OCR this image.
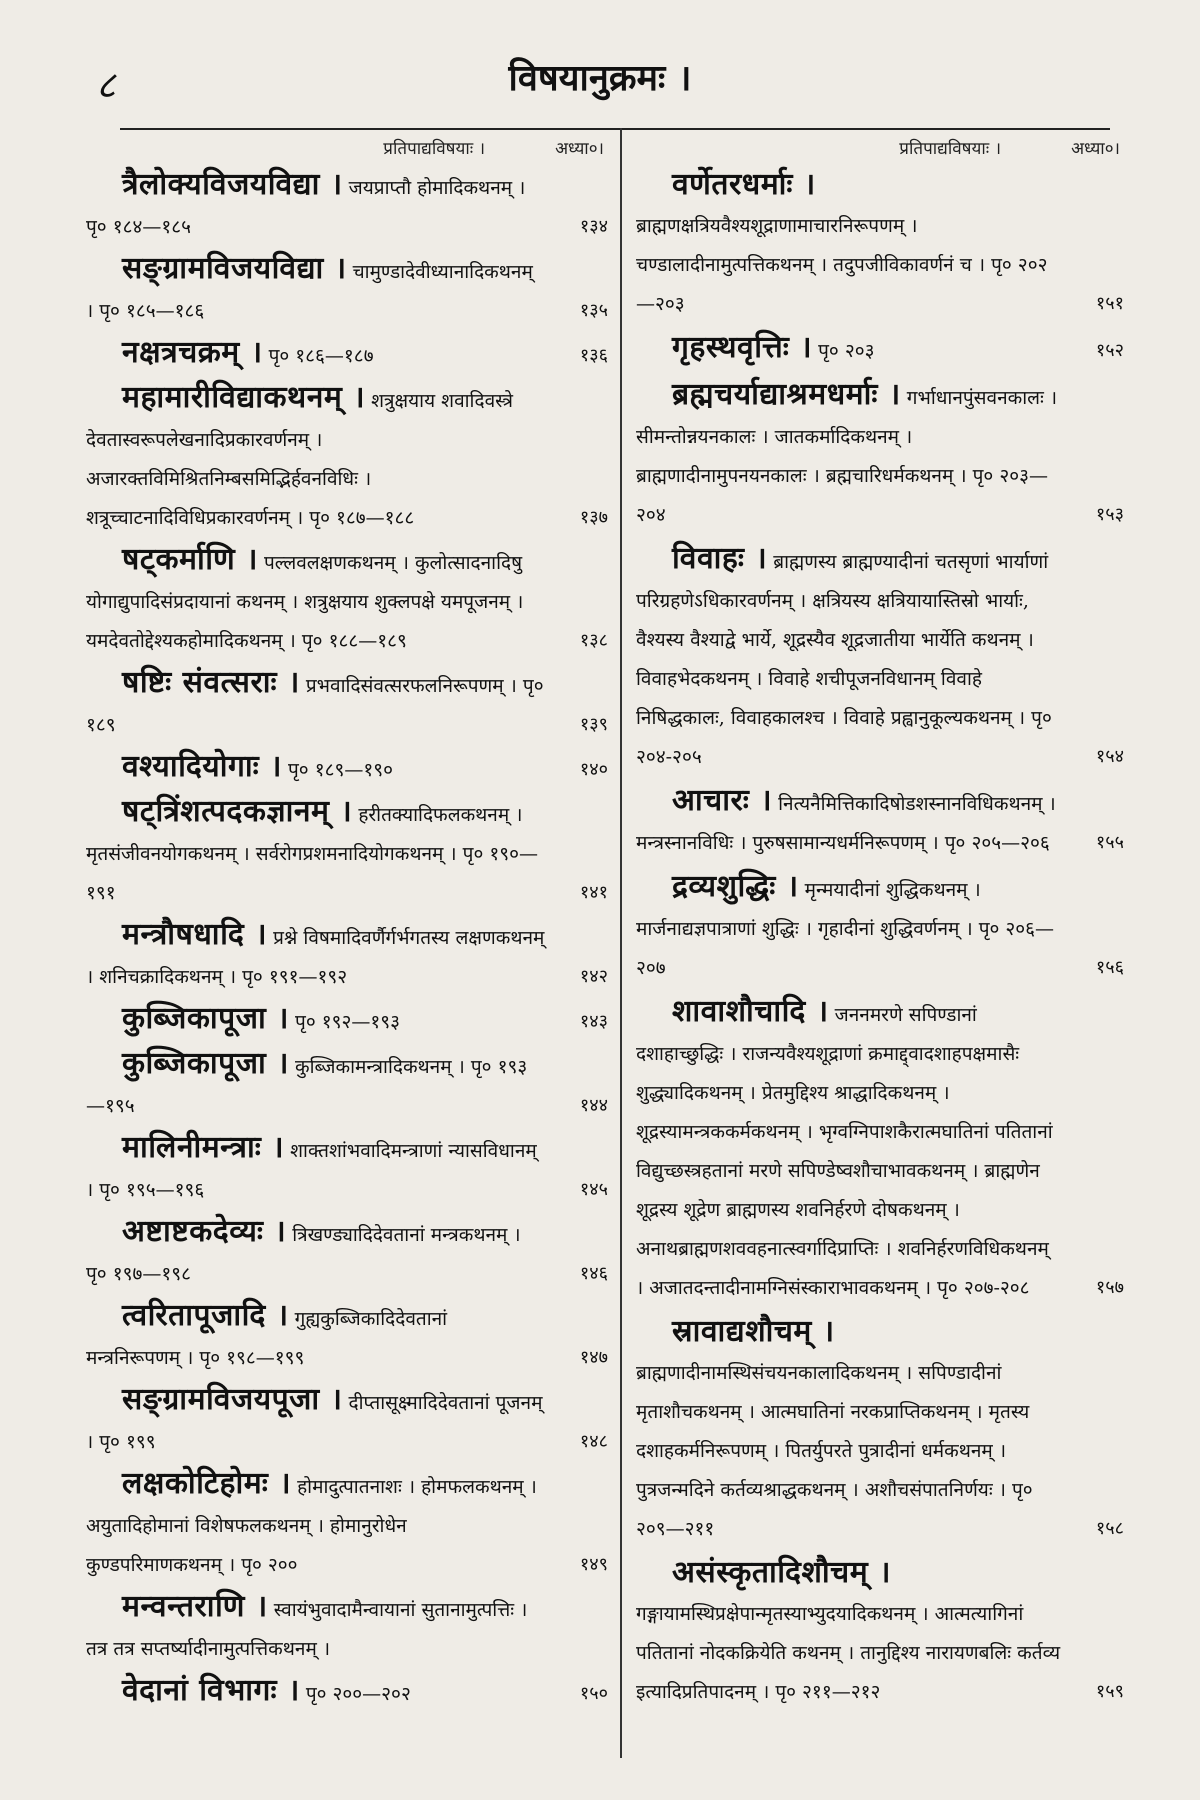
८	विषयानुक्रमः ।
प्रतिपाद्यविषयाः ।	अध्या०।

त्रैलोक्यविजयविद्या । जयप्राप्तौ होमादिकथनम् । पृ० १८४—१८५	१३४

सङ्ग्रामविजयविद्या । चामुण्डादेवीध्यानादिकथनम् । पृ० १८५—१८६	१३५

नक्षत्रचक्रम् । पृ० १८६—१८७	१३६

महामारीविद्याकथनम् । शत्रुक्षयाय शवादिवस्त्रे देवतास्वरूपलेखनादिप्रकारवर्णनम् । अजारक्तविमिश्रितनिम्बसमिद्भिर्हवनविधिः । शत्रूच्चाटनादिविधिप्रकारवर्णनम् । पृ० १८७—१८८	१३७

षट्कर्माणि । पल्लवलक्षणकथनम् । कुलोत्सादनादिषु योगाद्युपादिसंप्रदायानां कथनम् । शत्रुक्षयाय शुक्लपक्षे यमपूजनम् । यमदेवतोद्देश्यकहोमादिकथनम् । पृ० १८८—१८९	१३८

षष्टिः संवत्सराः । प्रभवादिसंवत्सरफलनिरूपणम् । पृ० १८९	१३९

वश्यादियोगाः । पृ० १८९—१९०	१४०

षट्त्रिंशत्पदकज्ञानम् । हरीतक्यादिफलकथनम् । मृतसंजीवनयोगकथनम् । सर्वरोगप्रशमनादियोगकथनम् । पृ० १९०—१९१	१४१

मन्त्रौषधादि । प्रश्ने विषमादिवर्णैर्गर्भगतस्य लक्षणकथनम् । शनिचक्रादिकथनम् । पृ० १९१—१९२	१४२

कुब्जिकापूजा । पृ० १९२—१९३	१४३

कुब्जिकापूजा । कुब्जिकामन्त्रादिकथनम् । पृ० १९३—१९५	१४४

मालिनीमन्त्राः । शाक्तशांभवादिमन्त्राणां न्यासविधानम् । पृ० १९५—१९६	१४५

अष्टाष्टकदेव्यः । त्रिखण्ड्यादिदेवतानां मन्त्रकथनम् । पृ० १९७—१९८	१४६

त्वरितापूजादि । गुह्यकुब्जिकादिदेवतानां मन्त्रनिरूपणम् । पृ० १९८—१९९	१४७

सङ्ग्रामविजयपूजा । दीप्तासूक्ष्मादिदेवतानां पूजनम् । पृ० १९९	१४८

लक्षकोटिहोमः । होमादुत्पातनाशः । होमफलकथनम् । अयुतादिहोमानां विशेषफलकथनम् । होमानुरोधेन कुण्डपरिमाणकथनम् । पृ० २००	१४९

मन्वन्तराणि । स्वायंभुवादामैन्वायानां सुतानामुत्पत्तिः । तत्र तत्र सप्तर्ष्यादीनामुत्पत्तिकथनम् ।

वेदानां विभागः । पृ० २००—२०२	१५०

प्रतिपाद्यविषयाः ।	अध्या०।

वर्णेतरधर्माः ।ब्राह्मणक्षत्रियवैश्यशूद्राणामाचारनिरूपणम् । चण्डालादीनामुत्पत्तिकथनम् । तदुपजीविकावर्णनं च । पृ० २०२—२०३	१५१

गृहस्थवृत्तिः । पृ० २०३	१५२

ब्रह्मचर्याद्याश्रमधर्माः । गर्भाधानपुंसवनकालः । सीमन्तोन्नयनकालः । जातकर्मादिकथनम् । ब्राह्मणादीनामुपनयनकालः । ब्रह्मचारिधर्मकथनम् । पृ० २०३—२०४	१५३

विवाहः । ब्राह्मणस्य ब्राह्मण्यादीनां चतसृणां भार्याणां परिग्रहणेऽधिकारवर्णनम् । क्षत्रियस्य क्षत्रियायास्तिस्रो भार्याः, वैश्यस्य वैश्याद्वे भार्ये, शूद्रस्यैव शूद्रजातीया भार्येति कथनम् । विवाहभेदकथनम् । विवाहे शचीपूजनविधानम् विवाहे निषिद्धकालः, विवाहकालश्च । विवाहे प्रह्वानुकूल्यकथनम् । पृ० २०४-२०५	१५४

आचारः । नित्यनैमित्तिकादिषोडशस्नानविधिकथनम् । मन्त्रस्नानविधिः । पुरुषसामान्यधर्मनिरूपणम् । पृ० २०५—२०६	१५५

द्रव्यशुद्धिः । मृन्मयादीनां शुद्धिकथनम् । मार्जनाद्यज्ञपात्राणां शुद्धिः । गृहादीनां शुद्धिवर्णनम् । पृ० २०६—२०७	१५६

शावाशौचादि । जननमरणे सपिण्डानां दशाहाच्छुद्धिः । राजन्यवैश्यशूद्राणां क्रमाद्द्वादशाहपक्षमासैः शुद्ध्यादिकथनम् । प्रेतमुद्दिश्य श्राद्धादिकथनम् । शूद्रस्यामन्त्रककर्मकथनम् । भृग्वग्निपाशकैरात्मघातिनां पतितानां विद्युच्छस्त्रहतानां मरणे सपिण्डेष्वशौचाभावकथनम् । ब्राह्मणेन शूद्रस्य शूद्रेण ब्राह्मणस्य शवनिर्हरणे दोषकथनम् । अनाथब्राह्मणशववहनात्स्वर्गादिप्राप्तिः । शवनिर्हरणविधिकथनम् । अजातदन्तादीनामग्निसंस्काराभावकथनम् । पृ० २०७-२०८	१५७

स्रावाद्यशौचम् ।ब्राह्मणादीनामस्थिसंचयनकालादिकथनम् । सपिण्डादीनां मृताशौचकथनम् । आत्मघातिनां नरकप्राप्तिकथनम् । मृतस्य दशाहकर्मनिरूपणम् । पितर्युपरते पुत्रादीनां धर्मकथनम् । पुत्रजन्मदिने कर्तव्यश्राद्धकथनम् । अशौचसंपातनिर्णयः । पृ० २०९—२११	१५८

असंस्कृतादिशौचम् ।गङ्गायामस्थिप्रक्षेपान्मृतस्याभ्युदयादिकथनम् । आत्मत्यागिनां पतितानां नोदकक्रियेति कथनम् । तानुद्दिश्य नारायणबलिः कर्तव्य इत्यादिप्रतिपादनम् । पृ० २११—२१२	१५९
